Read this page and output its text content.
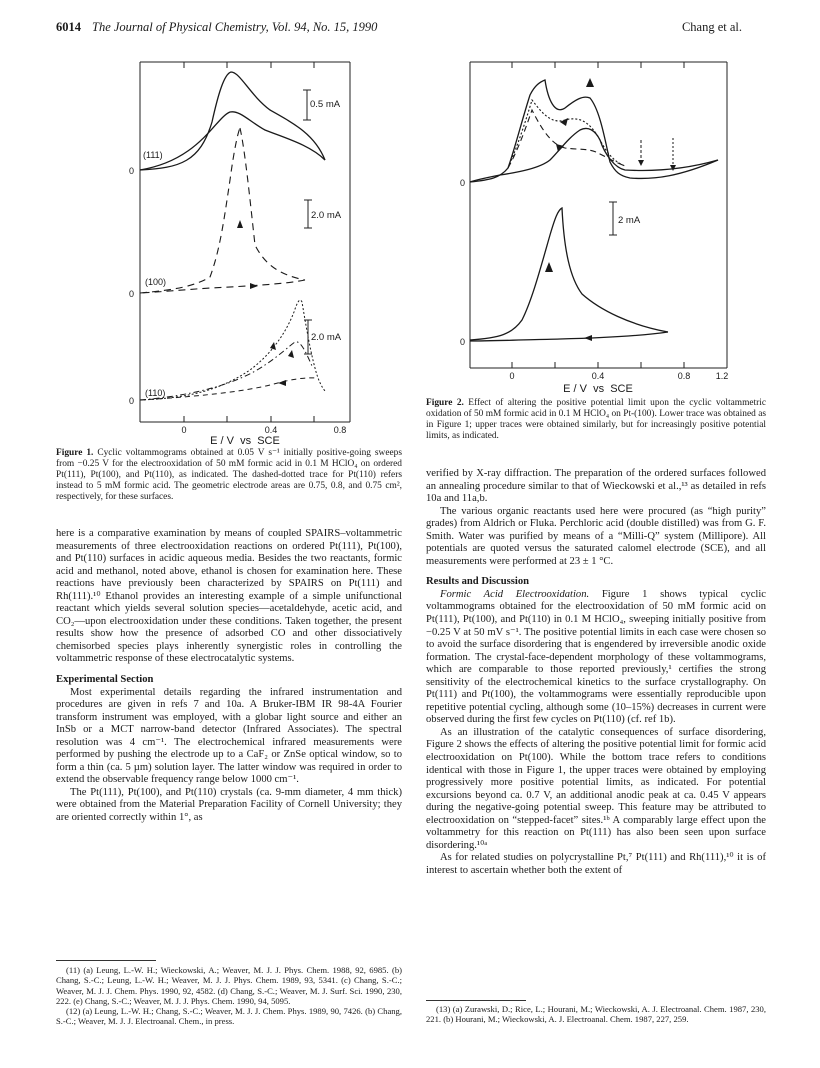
6014 The Journal of Physical Chemistry, Vol. 94, No. 15, 1990	Chang et al.
0.5 mA
(111)
0
2.0 mA
(100)
0
2.0 mA
(110)
0
0	0.4	0.8
E / V  vs  SCE
Figure 1. Cyclic voltammograms obtained at 0.05 V s⁻¹ initially positive-going sweeps from −0.25 V for the electrooxidation of 50 mM formic acid in 0.1 M HClO₄ on ordered Pt(111), Pt(100), and Pt(110), as indicated. The dashed-dotted trace for Pt(110) refers instead to 5 mM formic acid. The geometric electrode areas are 0.75, 0.8, and 0.75 cm², respectively, for these surfaces.

here is a comparative examination by means of coupled SPAIRS–voltammetric measurements of three electrooxidation reactions on ordered Pt(111), Pt(100), and Pt(110) surfaces in acidic aqueous media. Besides the two reactants, formic acid and methanol, noted above, ethanol is chosen for examination here. These reactions have previously been characterized by SPAIRS on Pt(111) and Rh(111).¹⁰ Ethanol provides an interesting example of a simple unifunctional reactant which yields several solution species—acetaldehyde, acetic acid, and CO₂—upon electrooxidation under these conditions. Taken together, the present results show how the presence of adsorbed CO and other dissociatively chemisorbed species plays inherently synergistic roles in controlling the voltammetric response of these electrocatalytic systems.

Experimental Section

Most experimental details regarding the infrared instrumentation and procedures are given in refs 7 and 10a. A Bruker-IBM IR 98-4A Fourier transform instrument was employed, with a globar light source and either an InSb or a MCT narrow-band detector (Infrared Associates). The spectral resolution was 4 cm⁻¹. The electrochemical infrared measurements were performed by pushing the electrode up to a CaF₂ or ZnSe optical window, so to form a thin (ca. 5 µm) solution layer. The latter window was required in order to extend the observable frequency range below 1000 cm⁻¹.

The Pt(111), Pt(100), and Pt(110) crystals (ca. 9-mm diameter, 4 mm thick) were obtained from the Material Preparation Facility of Cornell University; they are oriented correctly within 1°, as

(11) (a) Leung, L.-W. H.; Wieckowski, A.; Weaver, M. J. J. Phys. Chem. 1988, 92, 6985. (b) Chang, S.-C.; Leung, L.-W. H.; Weaver, M. J. J. Phys. Chem. 1989, 93, 5341. (c) Chang, S.-C.; Weaver, M. J. J. Chem. Phys. 1990, 92, 4582. (d) Chang, S.-C.; Weaver, M. J. Surf. Sci. 1990, 230, 222. (e) Chang, S.-C.; Weaver, M. J. J. Phys. Chem. 1990, 94, 5095.

(12) (a) Leung, L.-W. H.; Chang, S.-C.; Weaver, M. J. J. Chem. Phys. 1989, 90, 7426. (b) Chang, S.-C.; Weaver, M. J. J. Electroanal. Chem., in press.

0
0
2 mA
0	0.4	0.8	1.2
E / V  vs  SCE
Figure 2. Effect of altering the positive potential limit upon the cyclic voltammetric oxidation of 50 mM formic acid in 0.1 M HClO₄ on Pt-(100). Lower trace was obtained as in Figure 1; upper traces were obtained similarly, but for increasingly positive potential limits, as indicated.

verified by X-ray diffraction. The preparation of the ordered surfaces followed an annealing procedure similar to that of Wieckowski et al.,¹³ as detailed in refs 10a and 11a,b.

The various organic reactants used here were procured (as “high purity” grades) from Aldrich or Fluka. Perchloric acid (double distilled) was from G. F. Smith. Water was purified by means of a “Milli-Q” system (Millipore). All potentials are quoted versus the saturated calomel electrode (SCE), and all measurements were performed at 23 ± 1 °C.

Results and Discussion

Formic Acid Electrooxidation. Figure 1 shows typical cyclic voltammograms obtained for the electrooxidation of 50 mM formic acid on Pt(111), Pt(100), and Pt(110) in 0.1 M HClO₄, sweeping initially positive from −0.25 V at 50 mV s⁻¹. The positive potential limits in each case were chosen so to avoid the surface disordering that is engendered by irreversible anodic oxide formation. The crystal-face-dependent morphology of these voltammograms, which are comparable to those reported previously,¹ certifies the strong sensitivity of the electrochemical kinetics to the surface crystallography. On Pt(111) and Pt(100), the voltammograms were essentially reproducible upon repetitive potential cycling, although some (10–15%) decreases in current were observed during the first few cycles on Pt(110) (cf. ref 1b).

As an illustration of the catalytic consequences of surface disordering, Figure 2 shows the effects of altering the positive potential limit for formic acid electrooxidation on Pt(100). While the bottom trace refers to conditions identical with those in Figure 1, the upper traces were obtained by employing progressively more positive potential limits, as indicated. For potential excursions beyond ca. 0.7 V, an additional anodic peak at ca. 0.45 V appears during the negative-going potential sweep. This feature may be attributed to electrooxidation on “stepped-facet” sites.¹ᵇ A comparably large effect upon the voltammetry for this reaction on Pt(111) has also been seen upon surface disordering.¹⁰ᵃ

As for related studies on polycrystalline Pt,⁷ Pt(111) and Rh(111),¹⁰ it is of interest to ascertain whether both the extent of

(13) (a) Zurawski, D.; Rice, L.; Hourani, M.; Wieckowski, A. J. Electroanal. Chem. 1987, 230, 221. (b) Hourani, M.; Wieckowski, A. J. Electroanal. Chem. 1987, 227, 259.
